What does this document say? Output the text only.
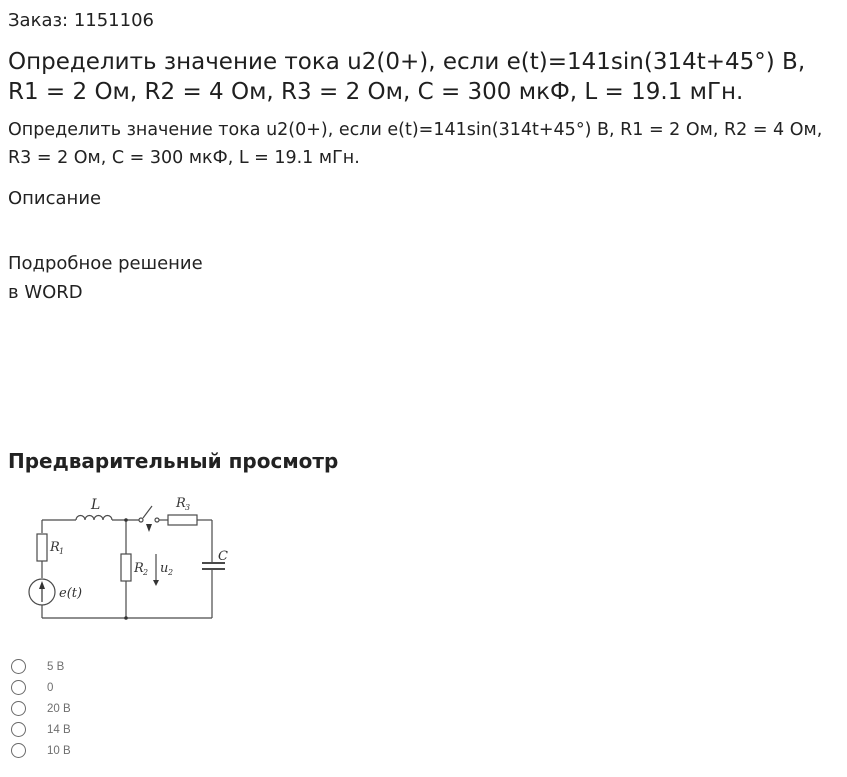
Заказ: 1151106
Определить значение тока u2(0+), если e(t)=141sin(314t+45°) В, R1 = 2 Ом, R2 = 4 Ом, R3 = 2 Ом, С = 300 мкФ, L = 19.1 мГн.

Определить значение тока u2(0+), если e(t)=141sin(314t+45°) В, R1 = 2 Ом, R2 = 4 Ом, R3 = 2 Ом, С = 300 мкФ, L = 19.1 мГн.

Описание

Подробное решение
в WORD

Предварительный просмотр
L
R 1
R 3
C
R 2 u 2
e(t)
5 В
0
20 В
14 В
10 В
